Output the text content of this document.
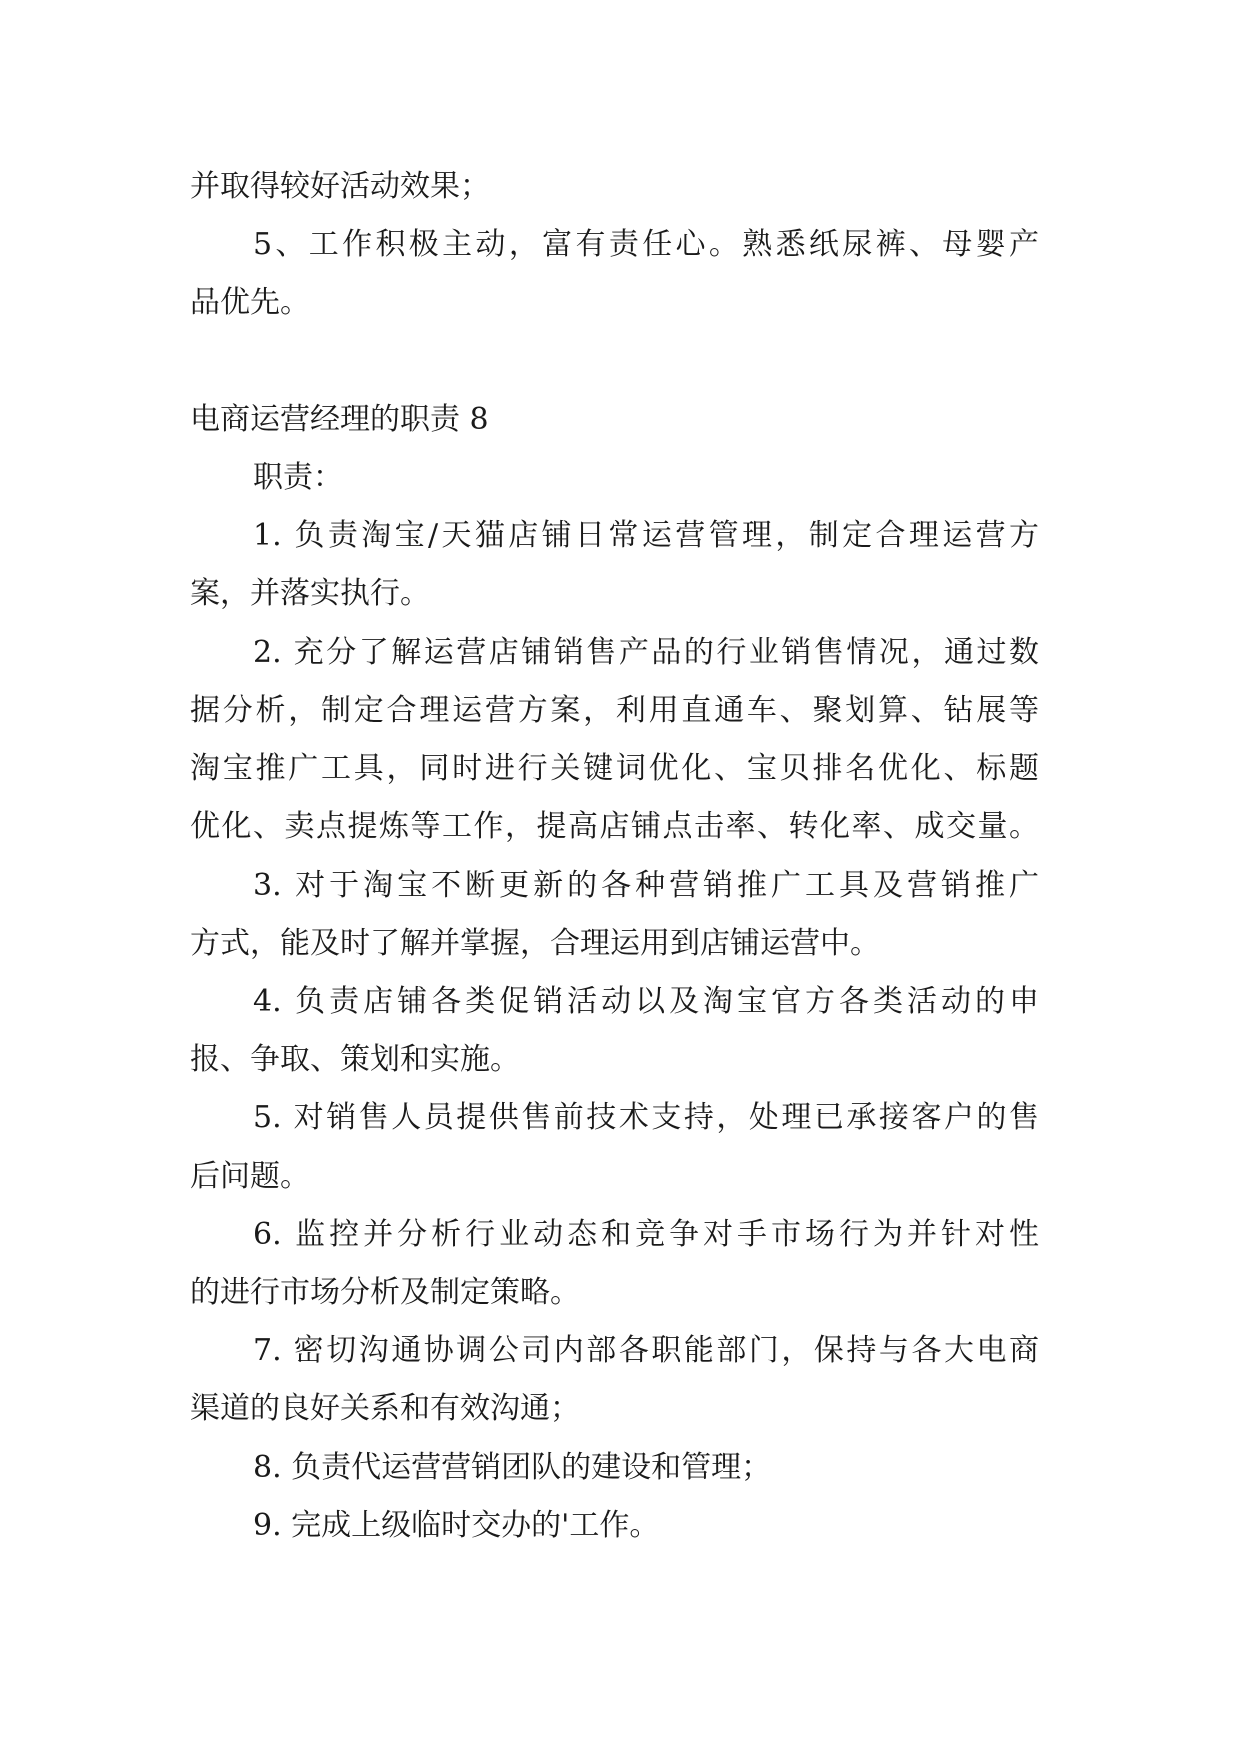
并取得较好活动效果；
5、工作积极主动，富有责任心。熟悉纸尿裤、母婴产
品优先。
电商运营经理的职责 8
职责：
1. 负责淘宝/天猫店铺日常运营管理，制定合理运营方
案，并落实执行。
2. 充分了解运营店铺销售产品的行业销售情况，通过数
据分析，制定合理运营方案，利用直通车、聚划算、钻展等
淘宝推广工具，同时进行关键词优化、宝贝排名优化、标题
优化、卖点提炼等工作，提高店铺点击率、转化率、成交量。
3. 对于淘宝不断更新的各种营销推广工具及营销推广
方式，能及时了解并掌握，合理运用到店铺运营中。
4. 负责店铺各类促销活动以及淘宝官方各类活动的申
报、争取、策划和实施。
5. 对销售人员提供售前技术支持，处理已承接客户的售
后问题。
6. 监控并分析行业动态和竞争对手市场行为并针对性
的进行市场分析及制定策略。
7. 密切沟通协调公司内部各职能部门，保持与各大电商
渠道的良好关系和有效沟通；
8. 负责代运营营销团队的建设和管理；
9. 完成上级临时交办的'工作。
